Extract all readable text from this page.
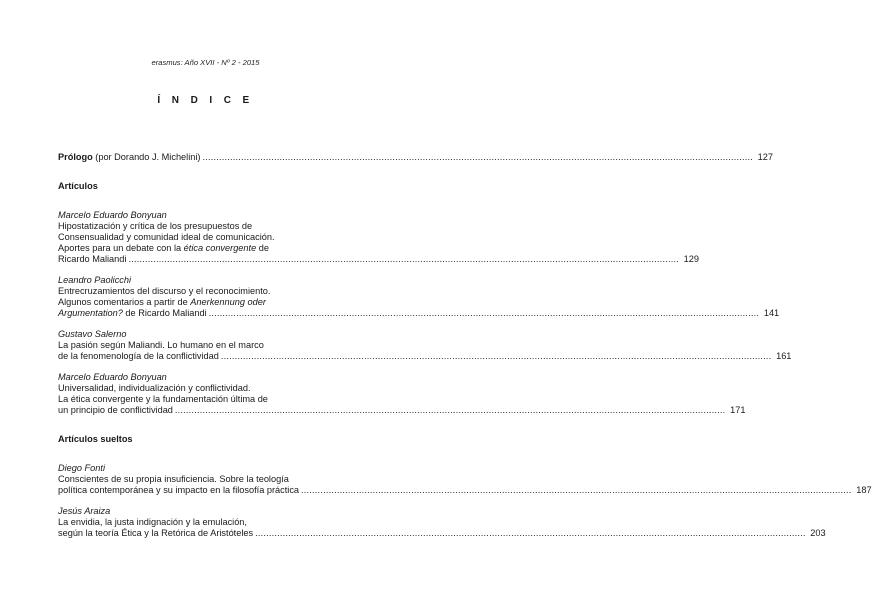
erasmus: Año XVII - Nº 2 - 2015
Í N D I C E
Prólogo (por Dorando J. Michelini) ........................................................................................................................................................................................................ 127
Artículos
Marcelo Eduardo Bonyuan
Hipostatización y crítica de los presupuestos de
Consensualidad y comunidad ideal de comunicación.
Aportes para un debate con la ética convergente de
Ricardo Maliandi ........................................................................................................................................................................................................ 129
Leandro Paolicchi
Entrecruzamientos del discurso y el reconocimiento.
Algunos comentarios a partir de Anerkennung oder
Argumentation? de Ricardo Maliandi ........................................................................................................................................................................................................ 141
Gustavo Salerno
La pasión según Maliandi. Lo humano en el marco
de la fenomenología de la conflictividad ........................................................................................................................................................................................................ 161
Marcelo Eduardo Bonyuan
Universalidad, individualización y conflictividad.
La ética convergente y la fundamentación última de
un principio de conflictividad ........................................................................................................................................................................................................ 171
Artículos sueltos
Diego Fonti
Conscientes de su propia insuficiencia. Sobre la teología
política contemporánea y su impacto en la filosofía práctica ........................................................................................................................................................................................................ 187
Jesús Araiza
La envidia, la justa indignación y la emulación,
según la teoría Ética y la Retórica de Aristóteles ........................................................................................................................................................................................................ 203
